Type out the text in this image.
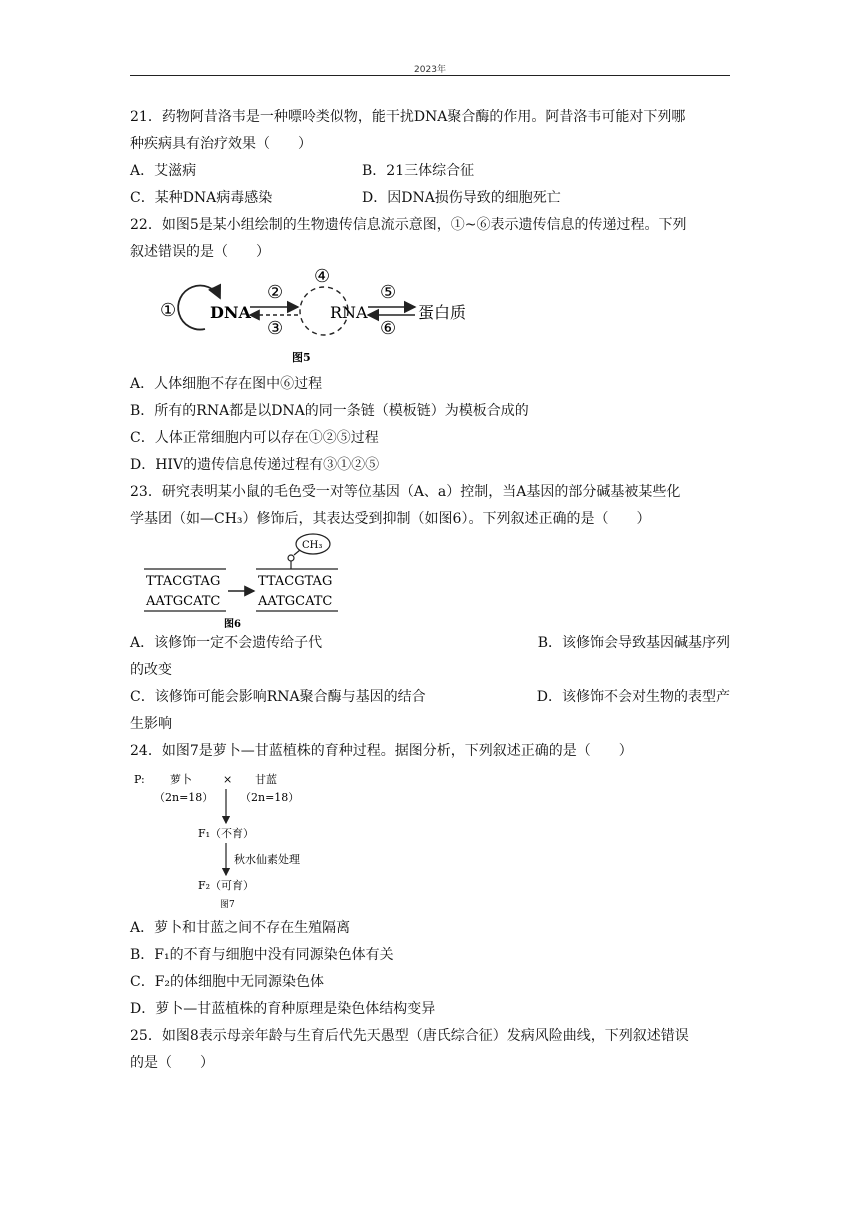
2023年
21．药物阿昔洛韦是一种嘌呤类似物，能干扰DNA聚合酶的作用。阿昔洛韦可能对下列哪
种疾病具有治疗效果（　　）
A．艾滋病	B．21三体综合征
C．某种DNA病毒感染	D．因DNA损伤导致的细胞死亡
22．如图5是某小组绘制的生物遗传信息流示意图，①~⑥表示遗传信息的传递过程。下列
叙述错误的是（　　）
① DNA
②
③
④
RNA
⑤
⑥
蛋白质
图5
A．人体细胞不存在图中⑥过程
B．所有的RNA都是以DNA的同一条链（模板链）为模板合成的
C．人体正常细胞内可以存在①②⑤过程
D．HIV的遗传信息传递过程有③①②⑤
23．研究表明某小鼠的毛色受一对等位基因（A、a）控制，当A基因的部分碱基被某些化
学基团（如—CH₃）修饰后，其表达受到抑制（如图6）。下列叙述正确的是（　　）
TTACGTAG
AATGCATC
TTACGTAG
AATGCATC
CH₃
图6
A．该修饰一定不会遗传给子代	B．该修饰会导致基因碱基序列
的改变
C．该修饰可能会影响RNA聚合酶与基因的结合	D．该修饰不会对生物的表型产
生影响
24．如图7是萝卜—甘蓝植株的育种过程。据图分析，下列叙述正确的是（　　）
P: 萝卜	× 甘蓝
（2n=18） （2n=18）
F₁（不育）
秋水仙素处理
F₂（可育）
图7
A．萝卜和甘蓝之间不存在生殖隔离
B．F₁的不育与细胞中没有同源染色体有关
C．F₂的体细胞中无同源染色体
D．萝卜—甘蓝植株的育种原理是染色体结构变异
25．如图8表示母亲年龄与生育后代先天愚型（唐氏综合征）发病风险曲线，下列叙述错误
的是（　　）
